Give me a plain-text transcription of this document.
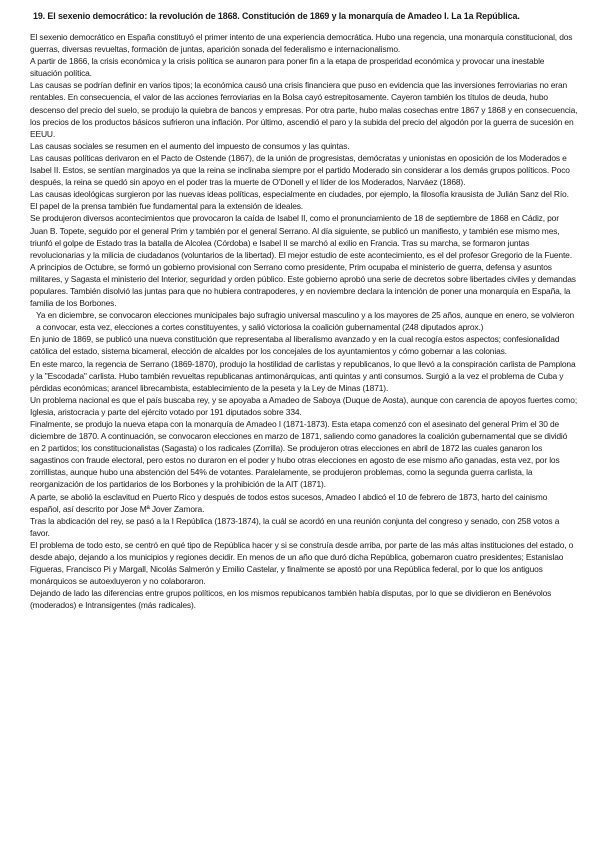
19. El sexenio democrático: la revolución de 1868. Constitución de 1869 y la monarquía de Amadeo I. La 1a República.

El sexenio democrático en España constituyó el primer intento de una experiencia democrática. Hubo una regencia, una monarquía constitucional, dos guerras, diversas revueltas, formación de juntas, aparición sonada del federalismo e internacionalismo.

A partir de 1866, la crisis económica y la crisis política se aunaron para poner fin a la etapa de prosperidad económica y provocar una inestable situación política.

Las causas se podrían definir en varios tipos; la económica causó una crisis financiera que puso en evidencia que las inversiones ferroviarias no eran rentables. En consecuencia, el valor de las acciones ferroviarias en la Bolsa cayó estrepitosamente. Cayeron también los títulos de deuda, hubo descenso del precio del suelo, se produjo la quiebra de bancos y empresas. Por otra parte, hubo malas cosechas entre 1867 y 1868 y en consecuencia, los precios de los productos básicos sufrieron una inflación. Por último, ascendió el paro y la subida del precio del algodón por la guerra de sucesión en EEUU.

Las causas sociales se resumen en el aumento del impuesto de consumos y las quintas.

Las causas políticas derivaron en el Pacto de Ostende (1867), de la unión de progresistas, demócratas y unionistas en oposición de los Moderados e Isabel II. Estos, se sentían marginados ya que la reina se inclinaba siempre por el partido Moderado sin considerar a los demás grupos políticos. Poco después, la reina se quedó sin apoyo en el poder tras la muerte de O'Donell y el líder de los Moderados, Narváez (1868).

Las causas ideológicas surgieron por las nuevas ideas políticas, especialmente en ciudades, por ejemplo, la filosofía krausista de Julián Sanz del Río. El papel de la prensa también fue fundamental para la extensión de ideales.

Se produjeron diversos acontecimientos que provocaron la caída de Isabel II, como el pronunciamiento de 18 de septiembre de 1868 en Cádiz, por Juan B. Topete, seguido por el general Prim y también por el general Serrano. Al día siguiente, se publicó un manifiesto, y también ese mismo mes, triunfó el golpe de Estado tras la batalla de Alcolea (Córdoba) e Isabel II se marchó al exilio en Francia. Tras su marcha, se formaron juntas revolucionarias y la milicia de ciudadanos (voluntarios de la libertad). El mejor estudio de este acontecimiento, es el del profesor Gregorio de la Fuente.

A principios de Octubre, se formó un gobierno provisional con Serrano como presidente, Prim ocupaba el ministerio de guerra, defensa y asuntos militares, y Sagasta el ministerio del Interior, seguridad y orden público. Este gobierno aprobó una serie de decretos sobre libertades civiles y demandas populares. También disolvió las juntas para que no hubiera contrapoderes, y en noviembre declara la intención de poner una monarquía en España, la familia de los Borbones.

Ya en diciembre, se convocaron elecciones municipales bajo sufragio universal masculino y a los mayores de 25 años, aunque en enero, se volvieron a convocar, esta vez, elecciones a cortes constituyentes, y salió victoriosa la coalición gubernamental (248 diputados aprox.)

En junio de 1869, se publicó una nueva constitución que representaba al liberalismo avanzado y en la cual recogía estos aspectos; confesionalidad católica del estado, sistema bicameral, elección de alcaldes por los concejales de los ayuntamientos y cómo gobernar a las colonias.

En este marco, la regencia de Serrano (1869-1870), produjo la hostilidad de carlistas y republicanos, lo que llevó a la conspiración carlista de Pamplona y la "Escodada" carlista. Hubo también revueltas republicanas antimonárquicas, anti quintas y anti consumos. Surgió a la vez el problema de Cuba y pérdidas económicas; arancel librecambista, establecimiento de la peseta y la Ley de Minas (1871).

Un problema nacional es que el país buscaba rey, y se apoyaba a Amadeo de Saboya (Duque de Aosta), aunque con carencia de apoyos fuertes como; Iglesia, aristocracia y parte del ejército votado por 191 diputados sobre 334.

Finalmente, se produjo la nueva etapa con la monarquía de Amadeo I (1871-1873). Esta etapa comenzó con el asesinato del general Prim el 30 de diciembre de 1870. A continuación, se convocaron elecciones en marzo de 1871, saliendo como ganadores la coalición gubernamental que se dividió en 2 partidos; los constitucionalistas (Sagasta) o los radicales (Zorrilla). Se produjeron otras elecciones en abril de 1872 las cuales ganaron los sagastinos con fraude electoral, pero estos no duraron en el poder y hubo otras elecciones en agosto de ese mismo año ganadas, esta vez, por los zorrillistas, aunque hubo una abstención del 54% de votantes. Paralelamente, se produjeron problemas, como la segunda guerra carlista, la reorganización de los partidarios de los Borbones y la prohibición de la AIT (1871).

A parte, se abolió la esclavitud en Puerto Rico y después de todos estos sucesos, Amadeo I abdicó el 10 de febrero de 1873, harto del cainismo español, así descrito por Jose Mª Jover Zamora.

Tras la abdicación del rey, se pasó a la I República (1873-1874), la cuál se acordó en una reunión conjunta del congreso y senado, con 258 votos a favor.

El problema de todo esto, se centró en qué tipo de República hacer y si se construía desde arriba, por parte de las más altas instituciones del estado, o desde abajo, dejando a los municipios y regiones decidir. En menos de un año que duró dicha República, gobernaron cuatro presidentes; Estanislao Figueras, Francisco Pi y Margall, Nicolás Salmerón y Emilio Castelar, y finalmente se apostó por una República federal, por lo que los antiguos monárquicos se autoexluyeron y no colaboraron.

Dejando de lado las diferencias entre grupos políticos, en los mismos repubicanos también había disputas, por lo que se dividieron en Benévolos (moderados) e Intransigentes (más radicales).
